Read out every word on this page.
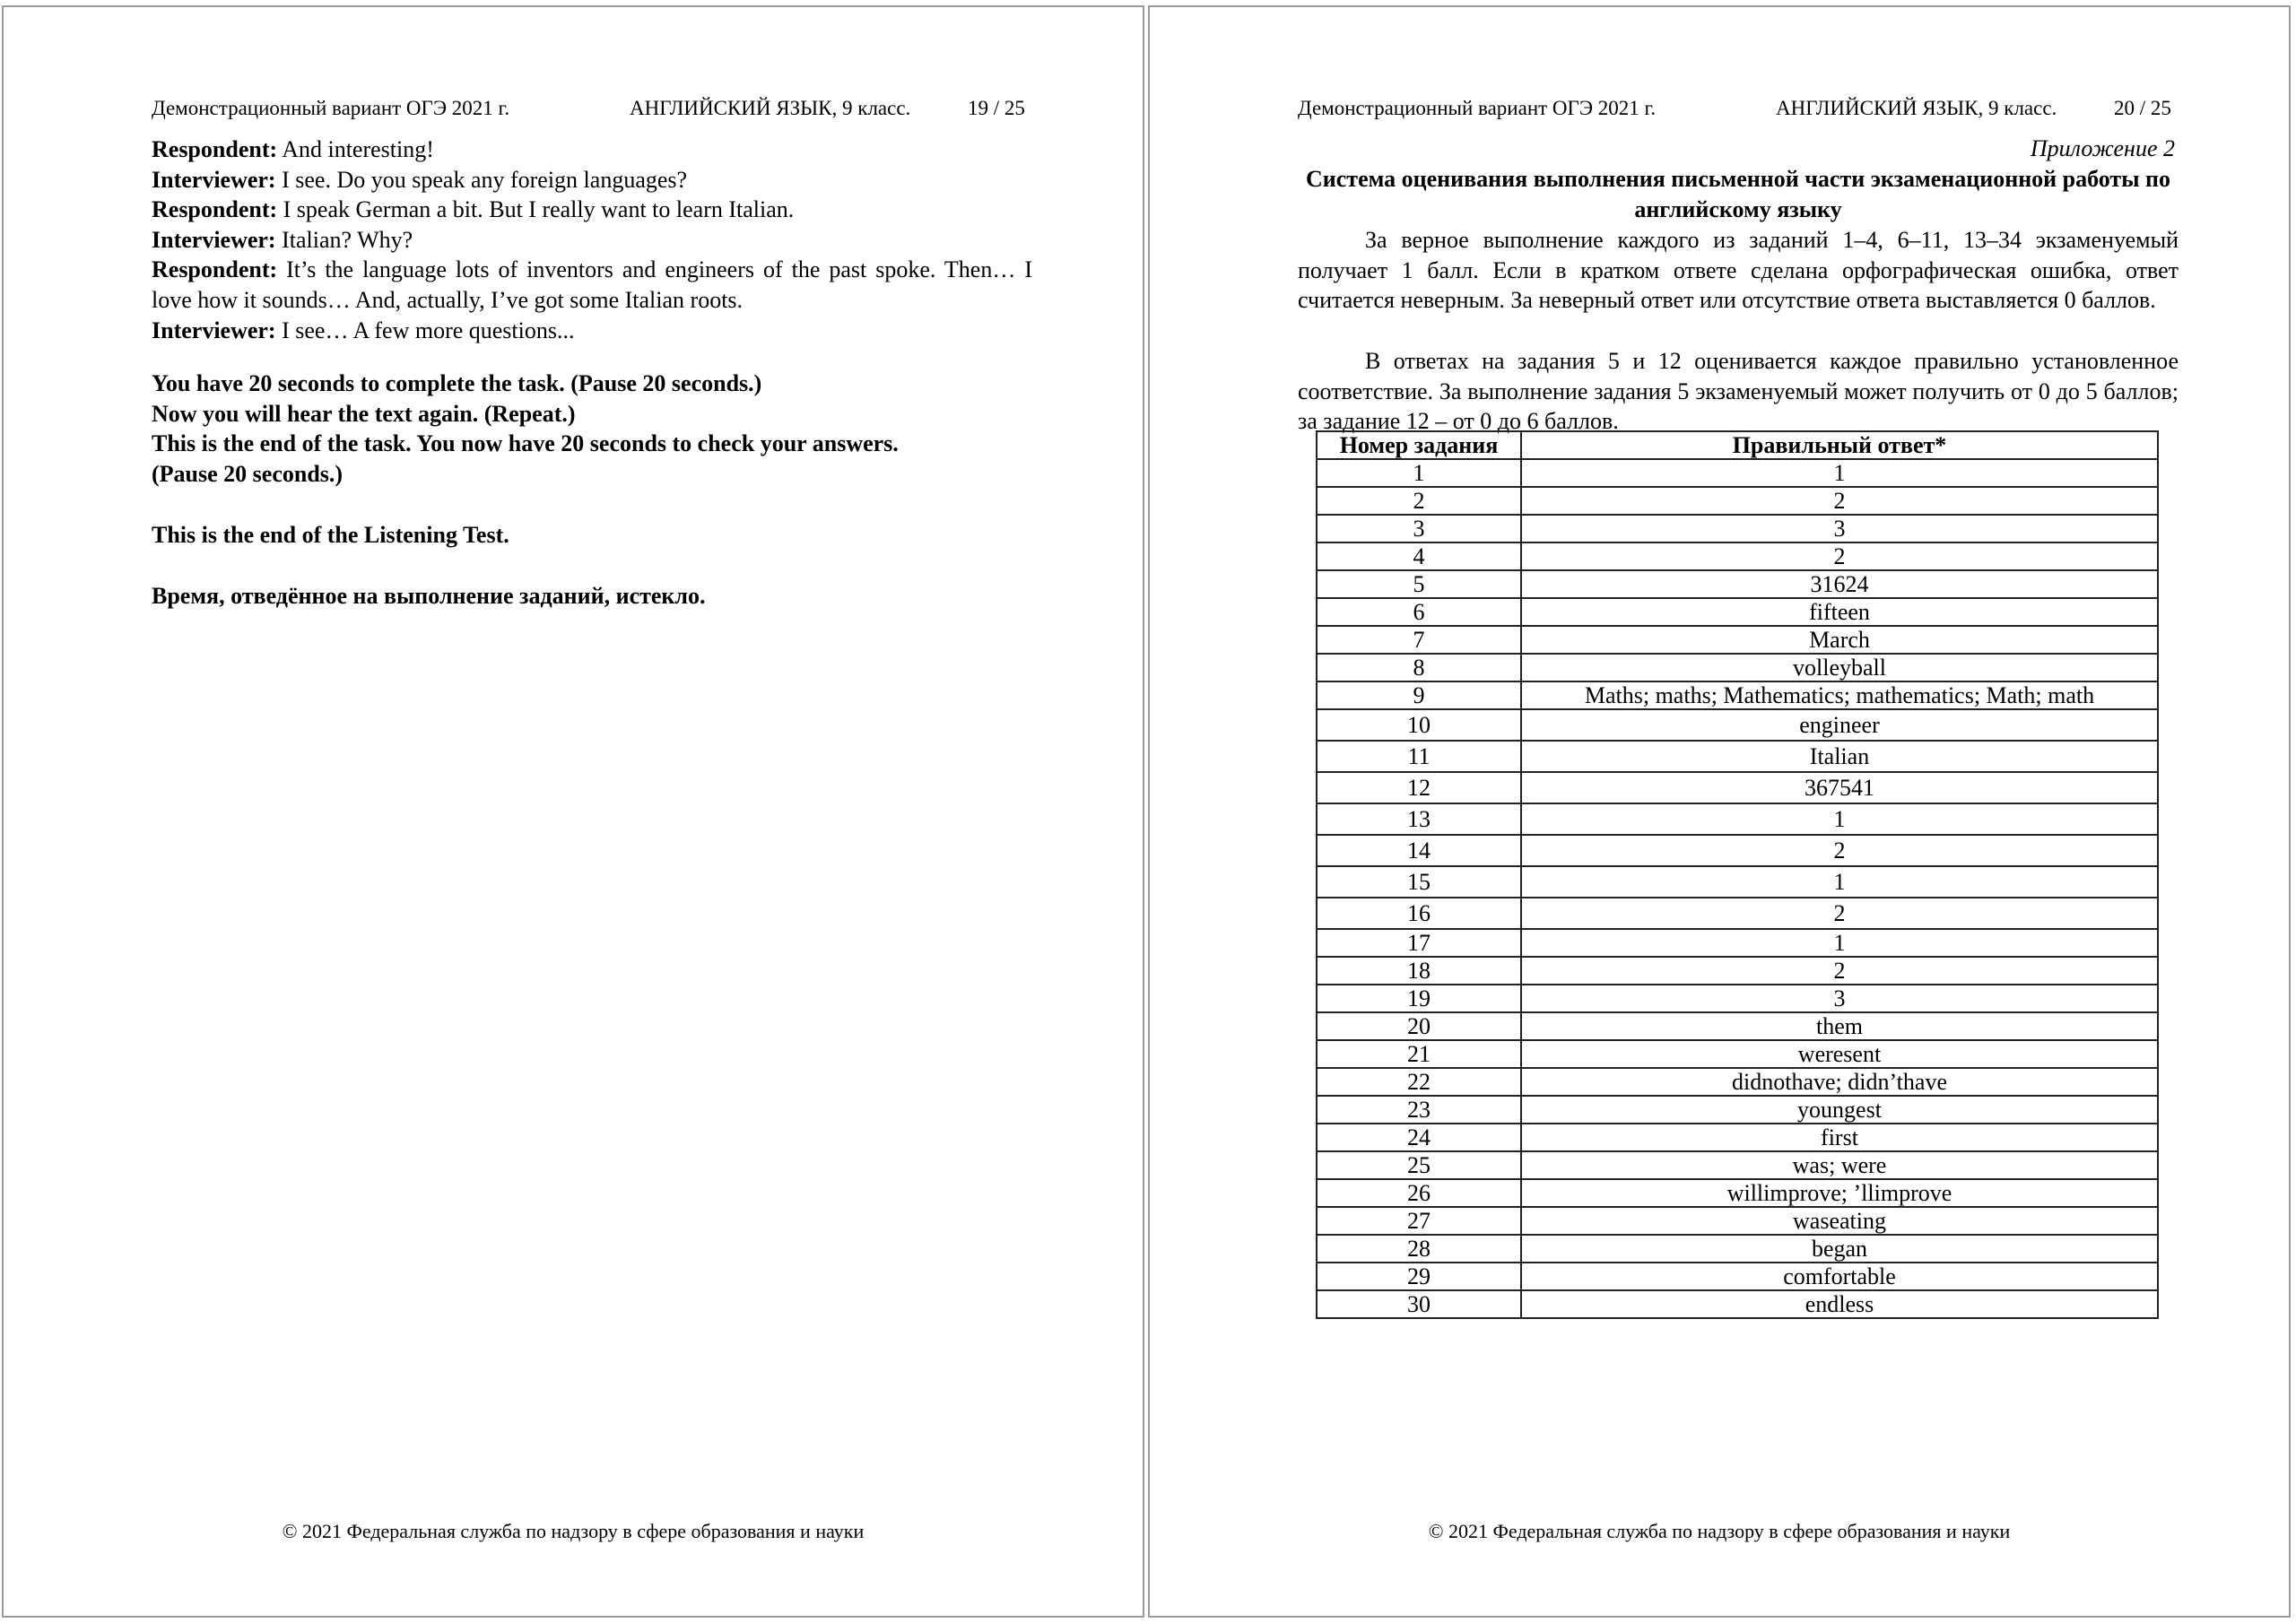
Демонстрационный вариант ОГЭ 2021 г.	АНГЛИЙСКИЙ ЯЗЫК, 9 класс.	19 / 25
Respondent: And interesting!
Interviewer: I see. Do you speak any foreign languages?
Respondent: I speak German a bit. But I really want to learn Italian.
Interviewer: Italian? Why?
Respondent: It’s the language lots of inventors and engineers of the past spoke. Then… I love how it sounds… And, actually, I’ve got some Italian roots.
Interviewer: I see… A few more questions...
You have 20 seconds to complete the task. (Pause 20 seconds.)
Now you will hear the text again. (Repeat.)
This is the end of the task. You now have 20 seconds to check your answers.
(Pause 20 seconds.)
This is the end of the Listening Test.
Время, отведённое на выполнение заданий, истекло.
© 2021 Федеральная служба по надзору в сфере образования и науки
Демонстрационный вариант ОГЭ 2021 г.	АНГЛИЙСКИЙ ЯЗЫК, 9 класс.	20 / 25
Приложение 2
Система оценивания выполнения письменной части экзаменационной работы по английскому языку
За верное выполнение каждого из заданий 1–4, 6–11, 13–34 экзаменуемый получает 1 балл. Если в кратком ответе сделана орфографическая ошибка, ответ считается неверным. За неверный ответ или отсутствие ответа выставляется 0 баллов.
В ответах на задания 5 и 12 оценивается каждое правильно установленное соответствие. За выполнение задания 5 экзаменуемый может получить от 0 до 5 баллов; за задание 12 – от 0 до 6 баллов.
Номер задания	Правильный ответ*
1	1
2	2
3	3
4	2
5	31624
6	fifteen
7	March
8	volleyball
9	Maths; maths; Mathematics; mathematics; Math; math
10	engineer
11	Italian
12	367541
13	1
14	2
15	1
16	2
17	1
18	2
19	3
20	them
21	weresent
22	didnothave; didn’thave
23	youngest
24	first
25	was; were
26	willimprove; ’llimprove
27	waseating
28	began
29	comfortable
30	endless
© 2021 Федеральная служба по надзору в сфере образования и науки
